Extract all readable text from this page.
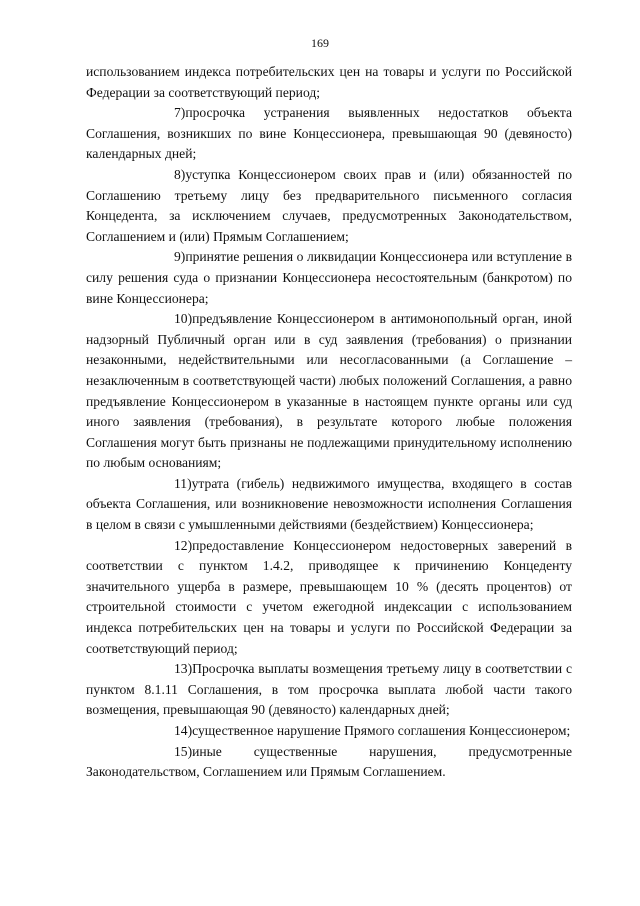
169

использованием индекса потребительских цен на товары и услуги по Российской Федерации за соответствующий период;

7)просрочка устранения выявленных недостатков объекта Соглашения, возникших по вине Концессионера, превышающая 90 (девяносто) календарных дней;

8)уступка Концессионером своих прав и (или) обязанностей по Соглашению третьему лицу без предварительного письменного согласия Концедента, за исключением случаев, предусмотренных Законодательством, Соглашением и (или) Прямым Соглашением;

9)принятие решения о ликвидации Концессионера или вступление в силу решения суда о признании Концессионера несостоятельным (банкротом) по вине Концессионера;

10)предъявление Концессионером в антимонопольный орган, иной надзорный Публичный орган или в суд заявления (требования) о признании незаконными, недействительными или несогласованными (а Соглашение – незаключенным в соответствующей части) любых положений Соглашения, а равно предъявление Концессионером в указанные в настоящем пункте органы или суд иного заявления (требования), в результате которого любые положения Соглашения могут быть признаны не подлежащими принудительному исполнению по любым основаниям;

11)утрата (гибель) недвижимого имущества, входящего в состав объекта Соглашения, или возникновение невозможности исполнения Соглашения в целом в связи с умышленными действиями (бездействием) Концессионера;

12)предоставление Концессионером недостоверных заверений в соответствии с пунктом 1.4.2, приводящее к причинению Концеденту значительного ущерба в размере, превышающем 10 % (десять процентов) от строительной стоимости с учетом ежегодной индексации с использованием индекса потребительских цен на товары и услуги по Российской Федерации за соответствующий период;

13)Просрочка выплаты возмещения третьему лицу в соответствии с пунктом 8.1.11 Соглашения, в том просрочка выплата любой части такого возмещения, превышающая 90 (девяносто) календарных дней;

14)существенное нарушение Прямого соглашения Концессионером;

15)иные существенные нарушения, предусмотренные Законодательством, Соглашением или Прямым Соглашением.
